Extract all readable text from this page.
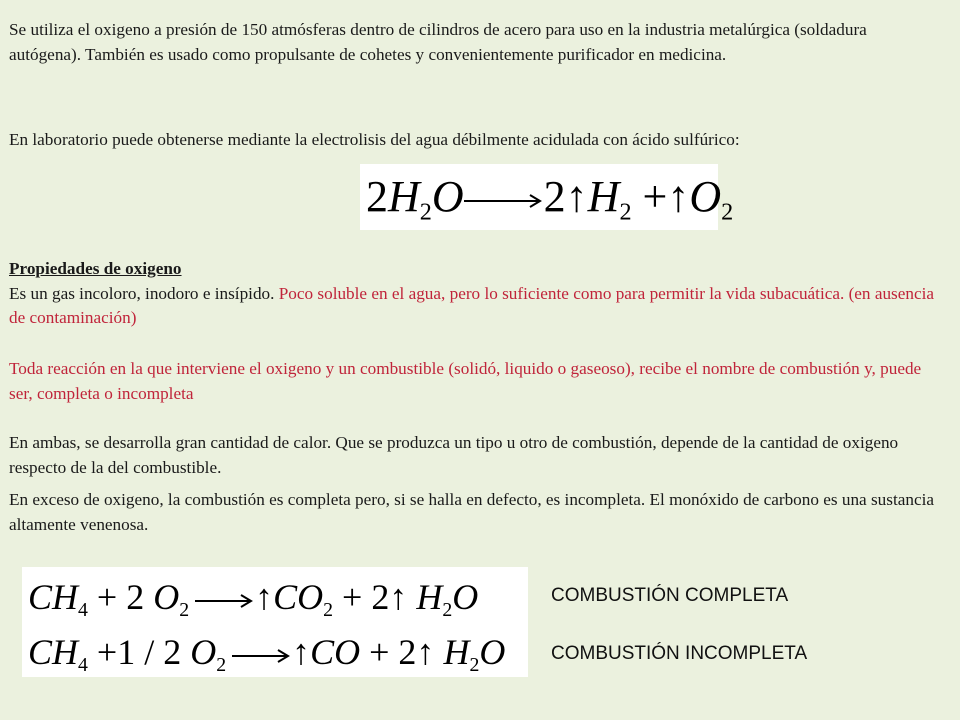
Se utiliza el oxigeno a presión de 150 atmósferas dentro de cilindros de acero para uso en la industria metalúrgica (soldadura autógena). También es usado como propulsante de cohetes y convenientemente purificador en medicina.

En laboratorio puede obtenerse mediante la electrolisis del agua débilmente acidulada con ácido sulfúrico:

$2H_2O\to 2↑H_2$ $+↑O_2$

Propiedades de oxigeno
Es un gas incoloro, inodoro e insípido. Poco soluble en el agua, pero lo suficiente como para permitir la vida subacuática. (en ausencia de contaminación)

Toda reacción en la que interviene el oxigeno y un combustible (solidó, liquido o gaseoso), recibe el nombre de combustión y, puede ser, completa o incompleta

En ambas, se desarrolla gran cantidad de calor. Que se produzca un tipo u otro de combustión, depende de la cantidad de oxigeno respecto de la del combustible.

En exceso de oxigeno, la combustión es completa pero, si se halla en defecto, es incompleta. El monóxido de carbono es una sustancia altamente venenosa.

$CH_4 + 2$ $O_2$ $↑CO_2$ + 2↑ $H_2O$
$CH_4 +1 / 2$ $O_2$ ↑CO + 2↑ $H_2O$
COMBUSTIÓN COMPLETA
COMBUSTIÓN INCOMPLETA
